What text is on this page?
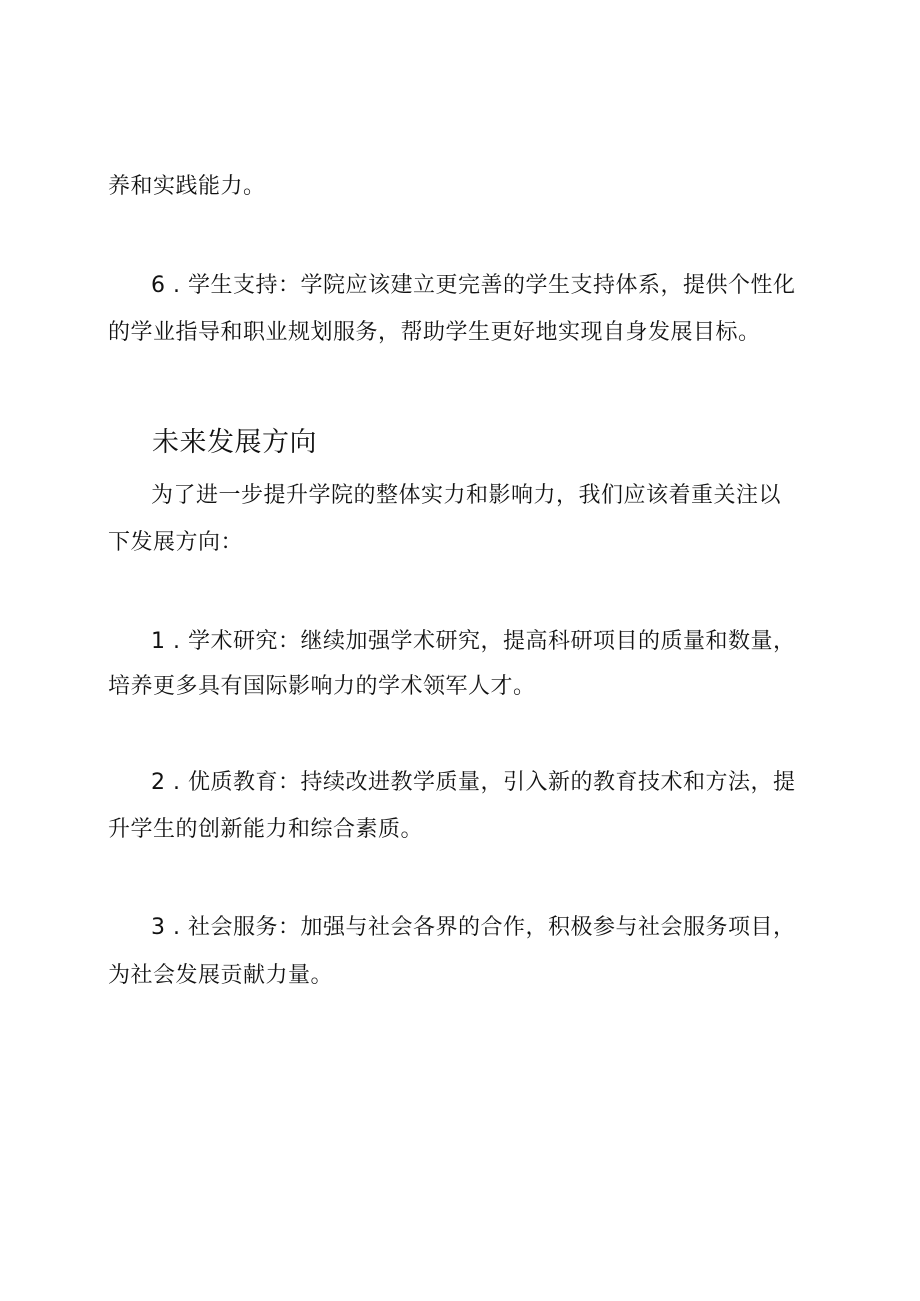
养和实践能力。
6 . 学生支持：学院应该建立更完善的学生支持体系，提供个性化
的学业指导和职业规划服务，帮助学生更好地实现自身发展目标。
未来发展方向
为了进一步提升学院的整体实力和影响力，我们应该着重关注以
下发展方向：
1 . 学术研究：继续加强学术研究，提高科研项目的质量和数量，
培养更多具有国际影响力的学术领军人才。
2 . 优质教育：持续改进教学质量，引入新的教育技术和方法，提
升学生的创新能力和综合素质。
3 . 社会服务：加强与社会各界的合作，积极参与社会服务项目，
为社会发展贡献力量。
